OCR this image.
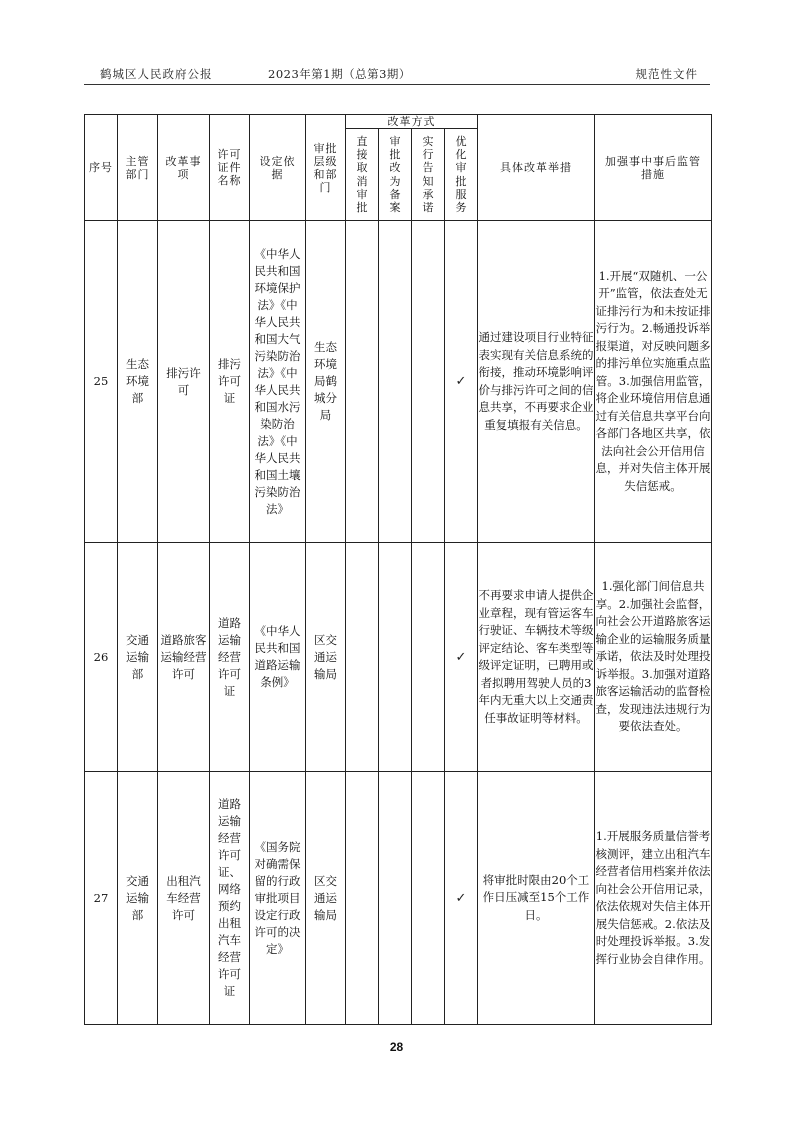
鹤城区人民政府公报	2023年第1期（总第3期）	规范性文件
序号	主管部门	改革事项	许可证件名称	设定依据	审批层级和部门	改革方式				具体改革举措	加强事中事后监管措施

						直接取消审批	审批改为备案	实行告知承诺	优化审批服务		

25	生态环境部	排污许可	排污许可证	《中华人民共和国环境保护法》《中华人民共和国大气污染防治法》《中华人民共和国水污染防治法》《中华人民共和国土壤污染防治法》	生态环境局鹤城分局				✓	通过建设项目行业特征表实现有关信息系统的衔接，推动环境影响评价与排污许可之间的信息共享，不再要求企业重复填报有关信息。	1.开展“双随机、一公开”监管，依法查处无证排污行为和未按证排污行为。2.畅通投诉举报渠道，对反映问题多的排污单位实施重点监管。3.加强信用监管，将企业环境信用信息通过有关信息共享平台向各部门各地区共享，依法向社会公开信用信息，并对失信主体开展失信惩戒。
26	交通运输部	道路旅客运输经营许可	道路运输经营许可证	《中华人民共和国道路运输条例》	区交通运输局				✓	不再要求申请人提供企业章程，现有管运客车行驶证、车辆技术等级评定结论、客车类型等级评定证明，已聘用或者拟聘用驾驶人员的3年内无重大以上交通责任事故证明等材料。	1.强化部门间信息共享。2.加强社会监督，向社会公开道路旅客运输企业的运输服务质量承诺，依法及时处理投诉举报。3.加强对道路旅客运输活动的监督检查，发现违法违规行为要依法查处。
27	交通运输部	出租汽车经营许可	道路运输经营许可证、网络预约出租汽车经营许可证	《国务院对确需保留的行政审批项目设定行政许可的决定》	区交通运输局				✓	将审批时限由20个工作日压减至15个工作日。	1.开展服务质量信誉考核测评，建立出租汽车经营者信用档案并依法向社会公开信用记录，依法依规对失信主体开展失信惩戒。2.依法及时处理投诉举报。3.发挥行业协会自律作用。
28
